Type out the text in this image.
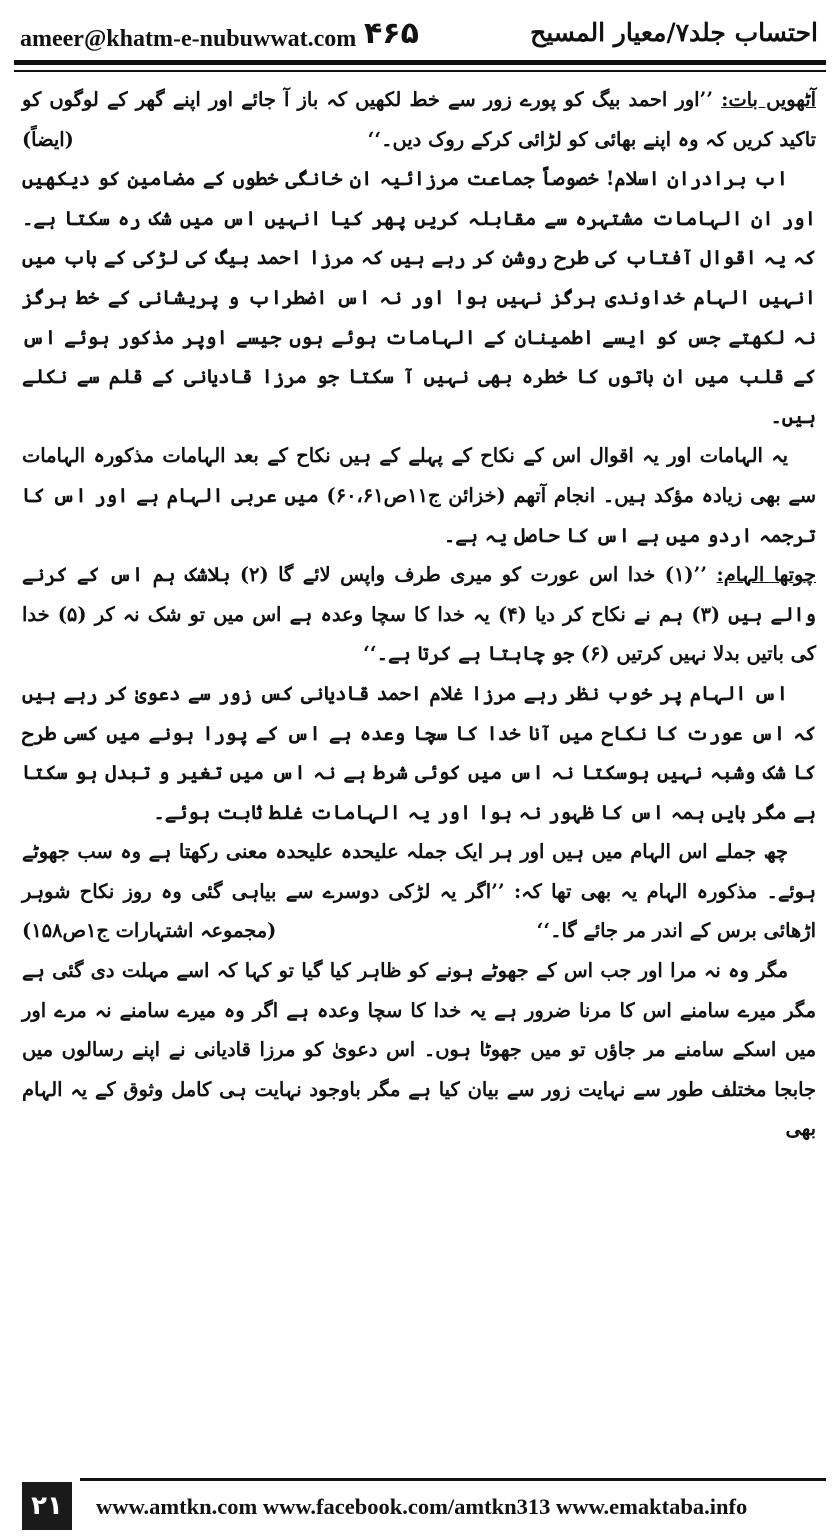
ameer@khatm-e-nubuwwat.com ۴۶۵	احتساب جلد۷/معیار المسیح

آٹھویں بات: ’’اور احمد بیگ کو پورے زور سے خط لکھیں کہ باز آ جائے اور اپنے گھر کے لوگوں کو تاکید کریں کہ وہ اپنے بھائی کو لڑائی کرکے روک دیں۔‘‘
(ایضاً)

اب برادران اسلام! خصوصاً جماعت مرزائیہ ان خانگی خطوں کے مضامین کو دیکھیں اور ان الہامات مشتہرہ سے مقابلہ کریں پھر کیا انہیں اس میں شک رہ سکتا ہے۔ کہ یہ اقوال آفتاب کی طرح روشن کر رہے ہیں کہ مرزا احمد بیگ کی لڑکی کے باب میں انہیں الہام خداوندی ہرگز نہیں ہوا اور نہ اس اضطراب و پریشانی کے خط ہرگز نہ لکھتے جس کو ایسے اطمینان کے الہامات ہوئے ہوں جیسے اوپر مذکور ہوئے اس کے قلب میں ان باتوں کا خطرہ بھی نہیں آ سکتا جو مرزا قادیانی کے قلم سے نکلے ہیں۔

یہ الہامات اور یہ اقوال اس کے نکاح کے پہلے کے ہیں نکاح کے بعد الہامات مذکورہ الہامات سے بھی زیادہ مؤکد ہیں۔ انجام آتھم (خزائن ج۱۱ص۶۰،۶۱) میں عربی الہام ہے اور اس کا ترجمہ اردو میں ہے اس کا حاصل یہ ہے۔

چوتھا الہام: ’’(۱) خدا اس عورت کو میری طرف واپس لائے گا (۲) بلاشک ہم اس کے کرنے والے ہیں (۳) ہم نے نکاح کر دیا (۴) یہ خدا کا سچا وعدہ ہے اس میں تو شک نہ کر (۵) خدا کی باتیں بدلا نہیں کرتیں (۶) جو چاہتا ہے کرتا ہے۔‘‘

اس الہام پر خوب نظر رہے مرزا غلام احمد قادیانی کس زور سے دعویٰ کر رہے ہیں کہ اس عورت کا نکاح میں آنا خدا کا سچا وعدہ ہے اس کے پورا ہونے میں کسی طرح کا شک وشبہ نہیں ہوسکتا نہ اس میں کوئی شرط ہے نہ اس میں تغیر و تبدل ہو سکتا ہے مگر بایں ہمہ اس کا ظہور نہ ہوا اور یہ الہامات غلط ثابت ہوئے۔

چھ جملے اس الہام میں ہیں اور ہر ایک جملہ علیحدہ علیحدہ معنی رکھتا ہے وہ سب جھوٹے ہوئے۔ مذکورہ الہام یہ بھی تھا کہ: ’’اگر یہ لڑکی دوسرے سے بیاہی گئی وہ روز نکاح شوہر اڑھائی برس کے اندر مر جائے گا۔‘‘
(مجموعہ اشتہارات ج۱ص۱۵۸)

مگر وہ نہ مرا اور جب اس کے جھوٹے ہونے کو ظاہر کیا گیا تو کہا کہ اسے مہلت دی گئی ہے مگر میرے سامنے اس کا مرنا ضرور ہے یہ خدا کا سچا وعدہ ہے اگر وہ میرے سامنے نہ مرے اور میں اسکے سامنے مر جاؤں تو میں جھوٹا ہوں۔ اس دعویٰ کو مرزا قادیانی نے اپنے رسالوں میں جابجا مختلف طور سے نہایت زور سے بیان کیا ہے مگر باوجود نہایت ہی کامل وثوق کے یہ الہام بھی

۲۱	www.amtkn.com www.facebook.com/amtkn313 www.emaktaba.info
